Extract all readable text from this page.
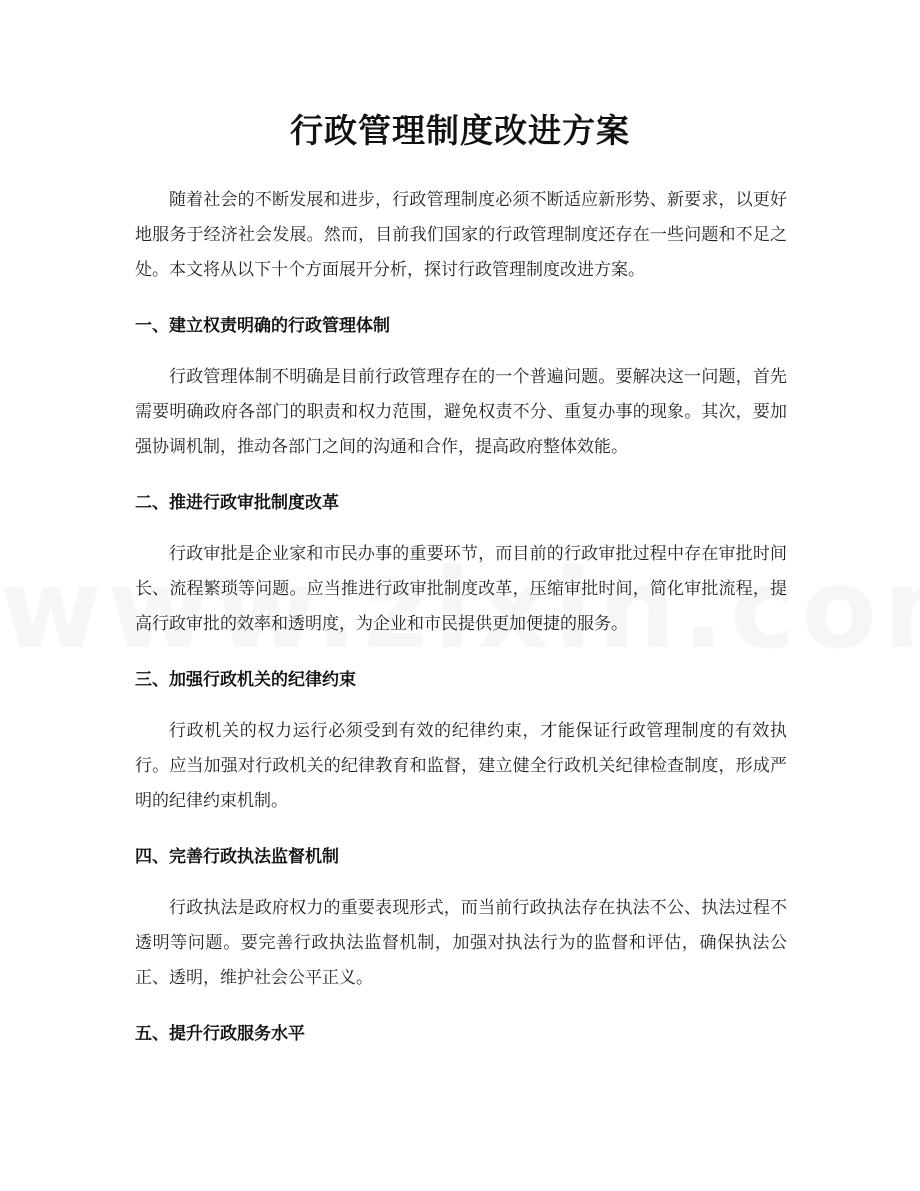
行政管理制度改进方案

随着社会的不断发展和进步，行政管理制度必须不断适应新形势、新要求，以更好地服务于经济社会发展。然而，目前我们国家的行政管理制度还存在一些问题和不足之处。本文将从以下十个方面展开分析，探讨行政管理制度改进方案。

一、建立权责明确的行政管理体制

行政管理体制不明确是目前行政管理存在的一个普遍问题。要解决这一问题，首先需要明确政府各部门的职责和权力范围，避免权责不分、重复办事的现象。其次，要加强协调机制，推动各部门之间的沟通和合作，提高政府整体效能。

二、推进行政审批制度改革

行政审批是企业家和市民办事的重要环节，而目前的行政审批过程中存在审批时间长、流程繁琐等问题。应当推进行政审批制度改革，压缩审批时间，简化审批流程，提高行政审批的效率和透明度，为企业和市民提供更加便捷的服务。

三、加强行政机关的纪律约束

行政机关的权力运行必须受到有效的纪律约束，才能保证行政管理制度的有效执行。应当加强对行政机关的纪律教育和监督，建立健全行政机关纪律检查制度，形成严明的纪律约束机制。

四、完善行政执法监督机制

行政执法是政府权力的重要表现形式，而当前行政执法存在执法不公、执法过程不透明等问题。要完善行政执法监督机制，加强对执法行为的监督和评估，确保执法公正、透明，维护社会公平正义。

五、提升行政服务水平
